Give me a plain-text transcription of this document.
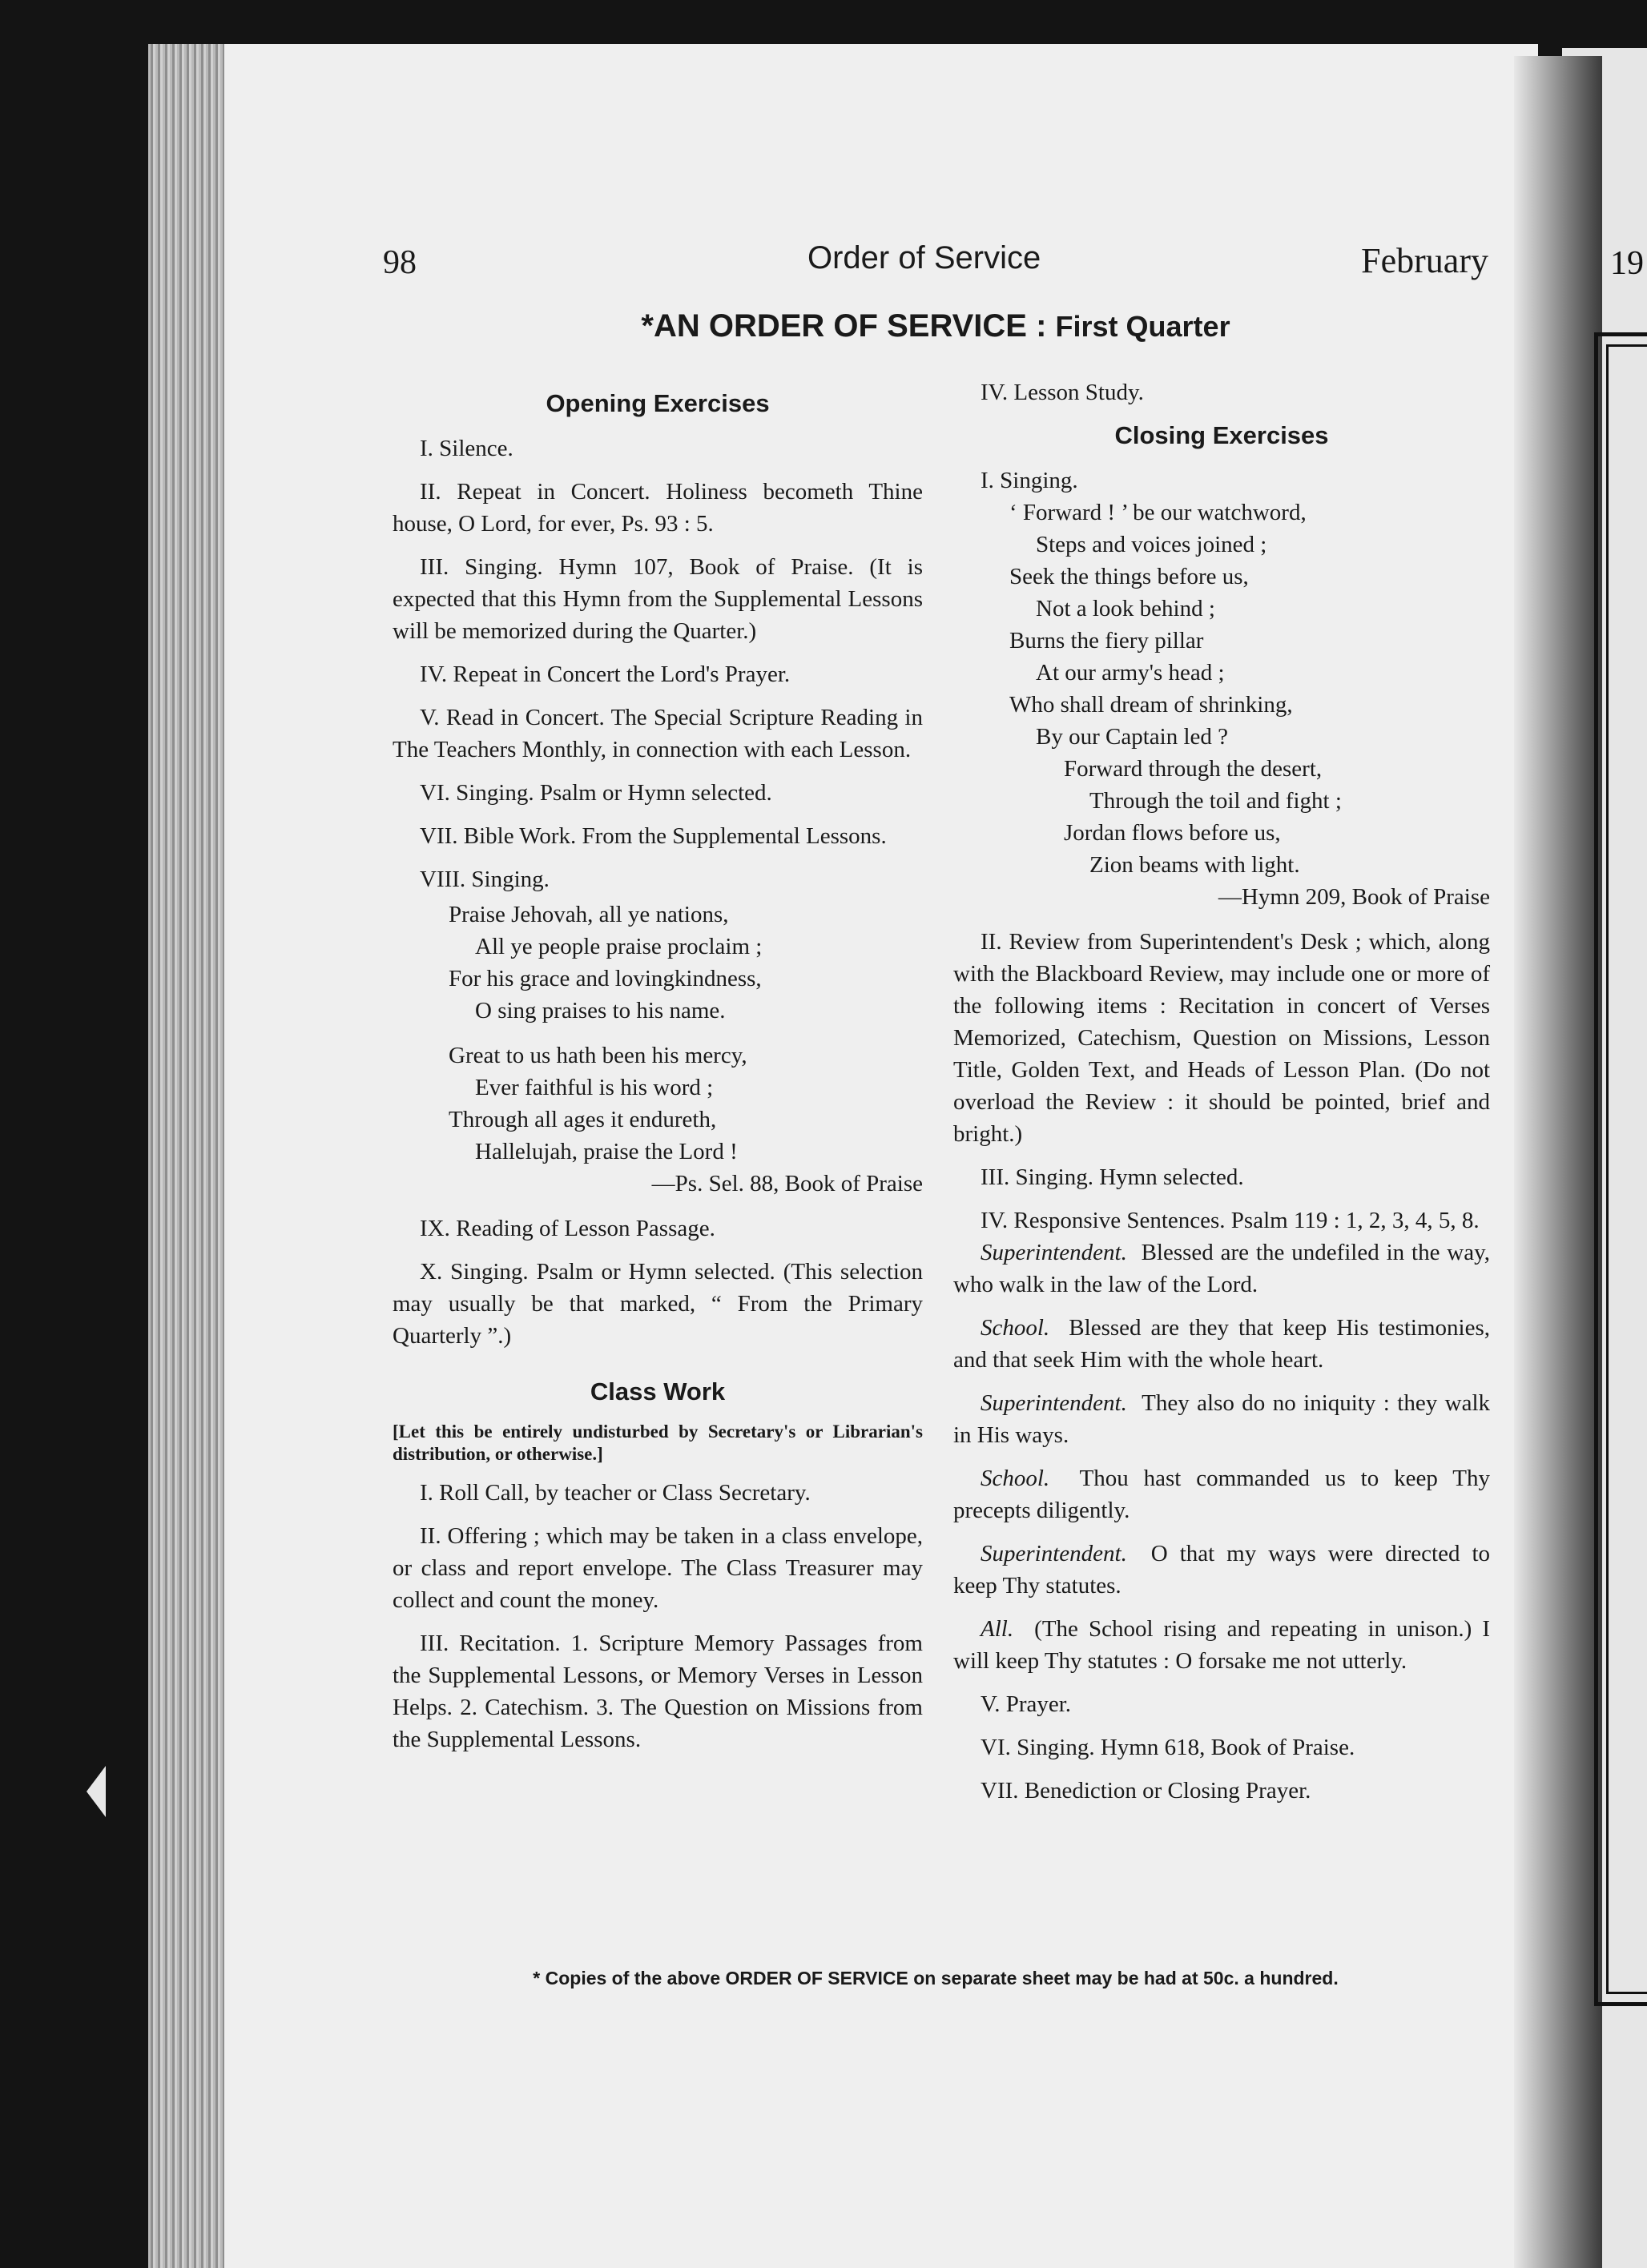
19
98	Order of Service	February
*AN ORDER OF SERVICE : First Quarter
Opening Exercises

I. Silence.

II. Repeat in Concert. Holiness becometh Thine house, O Lord, for ever, Ps. 93 : 5.

III. Singing. Hymn 107, Book of Praise. (It is expected that this Hymn from the Supplemental Lessons will be memorized during the Quarter.)

IV. Repeat in Concert the Lord's Prayer.

V. Read in Concert. The Special Scripture Reading in The Teachers Monthly, in connection with each Lesson.

VI. Singing. Psalm or Hymn selected.

VII. Bible Work. From the Supplemental Lessons.

VIII. Singing.

Praise Jehovah, all ye nations,
All ye people praise proclaim ;
For his grace and lovingkindness,
O sing praises to his name.
Great to us hath been his mercy,
Ever faithful is his word ;
Through all ages it endureth,
Hallelujah, praise the Lord !
—Ps. Sel. 88, Book of Praise

IX. Reading of Lesson Passage.

X. Singing. Psalm or Hymn selected. (This selection may usually be that marked, “ From the Primary Quarterly ”.)

Class Work

[Let this be entirely undisturbed by Secretary's or Librarian's distribution, or otherwise.]

I. Roll Call, by teacher or Class Secretary.

II. Offering ; which may be taken in a class envelope, or class and report envelope. The Class Treasurer may collect and count the money.

III. Recitation. 1. Scripture Memory Passages from the Supplemental Lessons, or Memory Verses in Lesson Helps. 2. Catechism. 3. The Question on Missions from the Supplemental Lessons.

IV. Lesson Study.

Closing Exercises

I. Singing.

‘ Forward ! ’ be our watchword,
Steps and voices joined ;
Seek the things before us,
Not a look behind ;
Burns the fiery pillar
At our army's head ;
Who shall dream of shrinking,
By our Captain led ?
Forward through the desert,
Through the toil and fight ;
Jordan flows before us,
Zion beams with light.
—Hymn 209, Book of Praise

II. Review from Superintendent's Desk ; which, along with the Blackboard Review, may include one or more of the following items : Recitation in concert of Verses Memorized, Catechism, Question on Missions, Lesson Title, Golden Text, and Heads of Lesson Plan. (Do not overload the Review : it should be pointed, brief and bright.)

III. Singing. Hymn selected.

IV. Responsive Sentences. Psalm 119 : 1, 2, 3, 4, 5, 8.

Superintendent. Blessed are the undefiled in the way, who walk in the law of the Lord.

School. Blessed are they that keep His testimonies, and that seek Him with the whole heart.

Superintendent. They also do no iniquity : they walk in His ways.

School. Thou hast commanded us to keep Thy precepts diligently.

Superintendent. O that my ways were directed to keep Thy statutes.

All. (The School rising and repeating in unison.) I will keep Thy statutes : O forsake me not utterly.

V. Prayer.

VI. Singing. Hymn 618, Book of Praise.

VII. Benediction or Closing Prayer.

* Copies of the above ORDER OF SERVICE on separate sheet may be had at 50c. a hundred.
